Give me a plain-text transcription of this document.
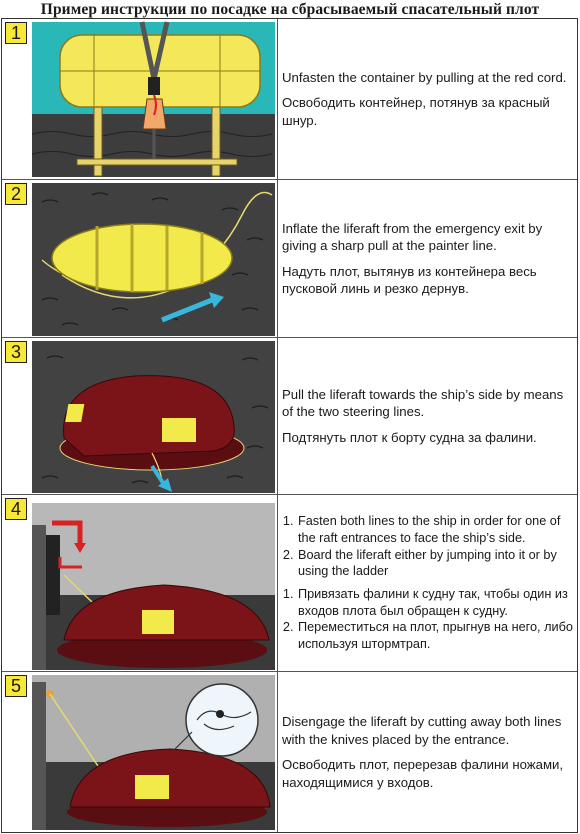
Пример инструкции по посадке на сбрасываемый спасательный плот
1

Unfasten the container by pulling at the red cord.

Освободить контейнер, потянув за красный шнур.

2

Inflate the liferaft from the emergency exit by giving a sharp pull at the painter line.

Надуть плот, вытянув из контейнера весь пусковой линь и резко дернув.

3

Pull the liferaft towards the ship’s side by means of the two steering lines.

Подтянуть плот к борту судна за фалини.

4
1. Fasten both lines to the ship in order for one of the raft entrances to face the ship’s side.
2. Board the liferaft either by jumping into it or by using the ladder
1. Привязать фалини к судну так, чтобы один из входов плота был обращен к судну.
2. Переместиться на плот, прыгнув на него, либо используя штормтрап.
5

Disengage the liferaft by cutting away both lines with the knives placed by the entrance.

Освободить плот, перерезав фалини ножами, находящимися у входов.
